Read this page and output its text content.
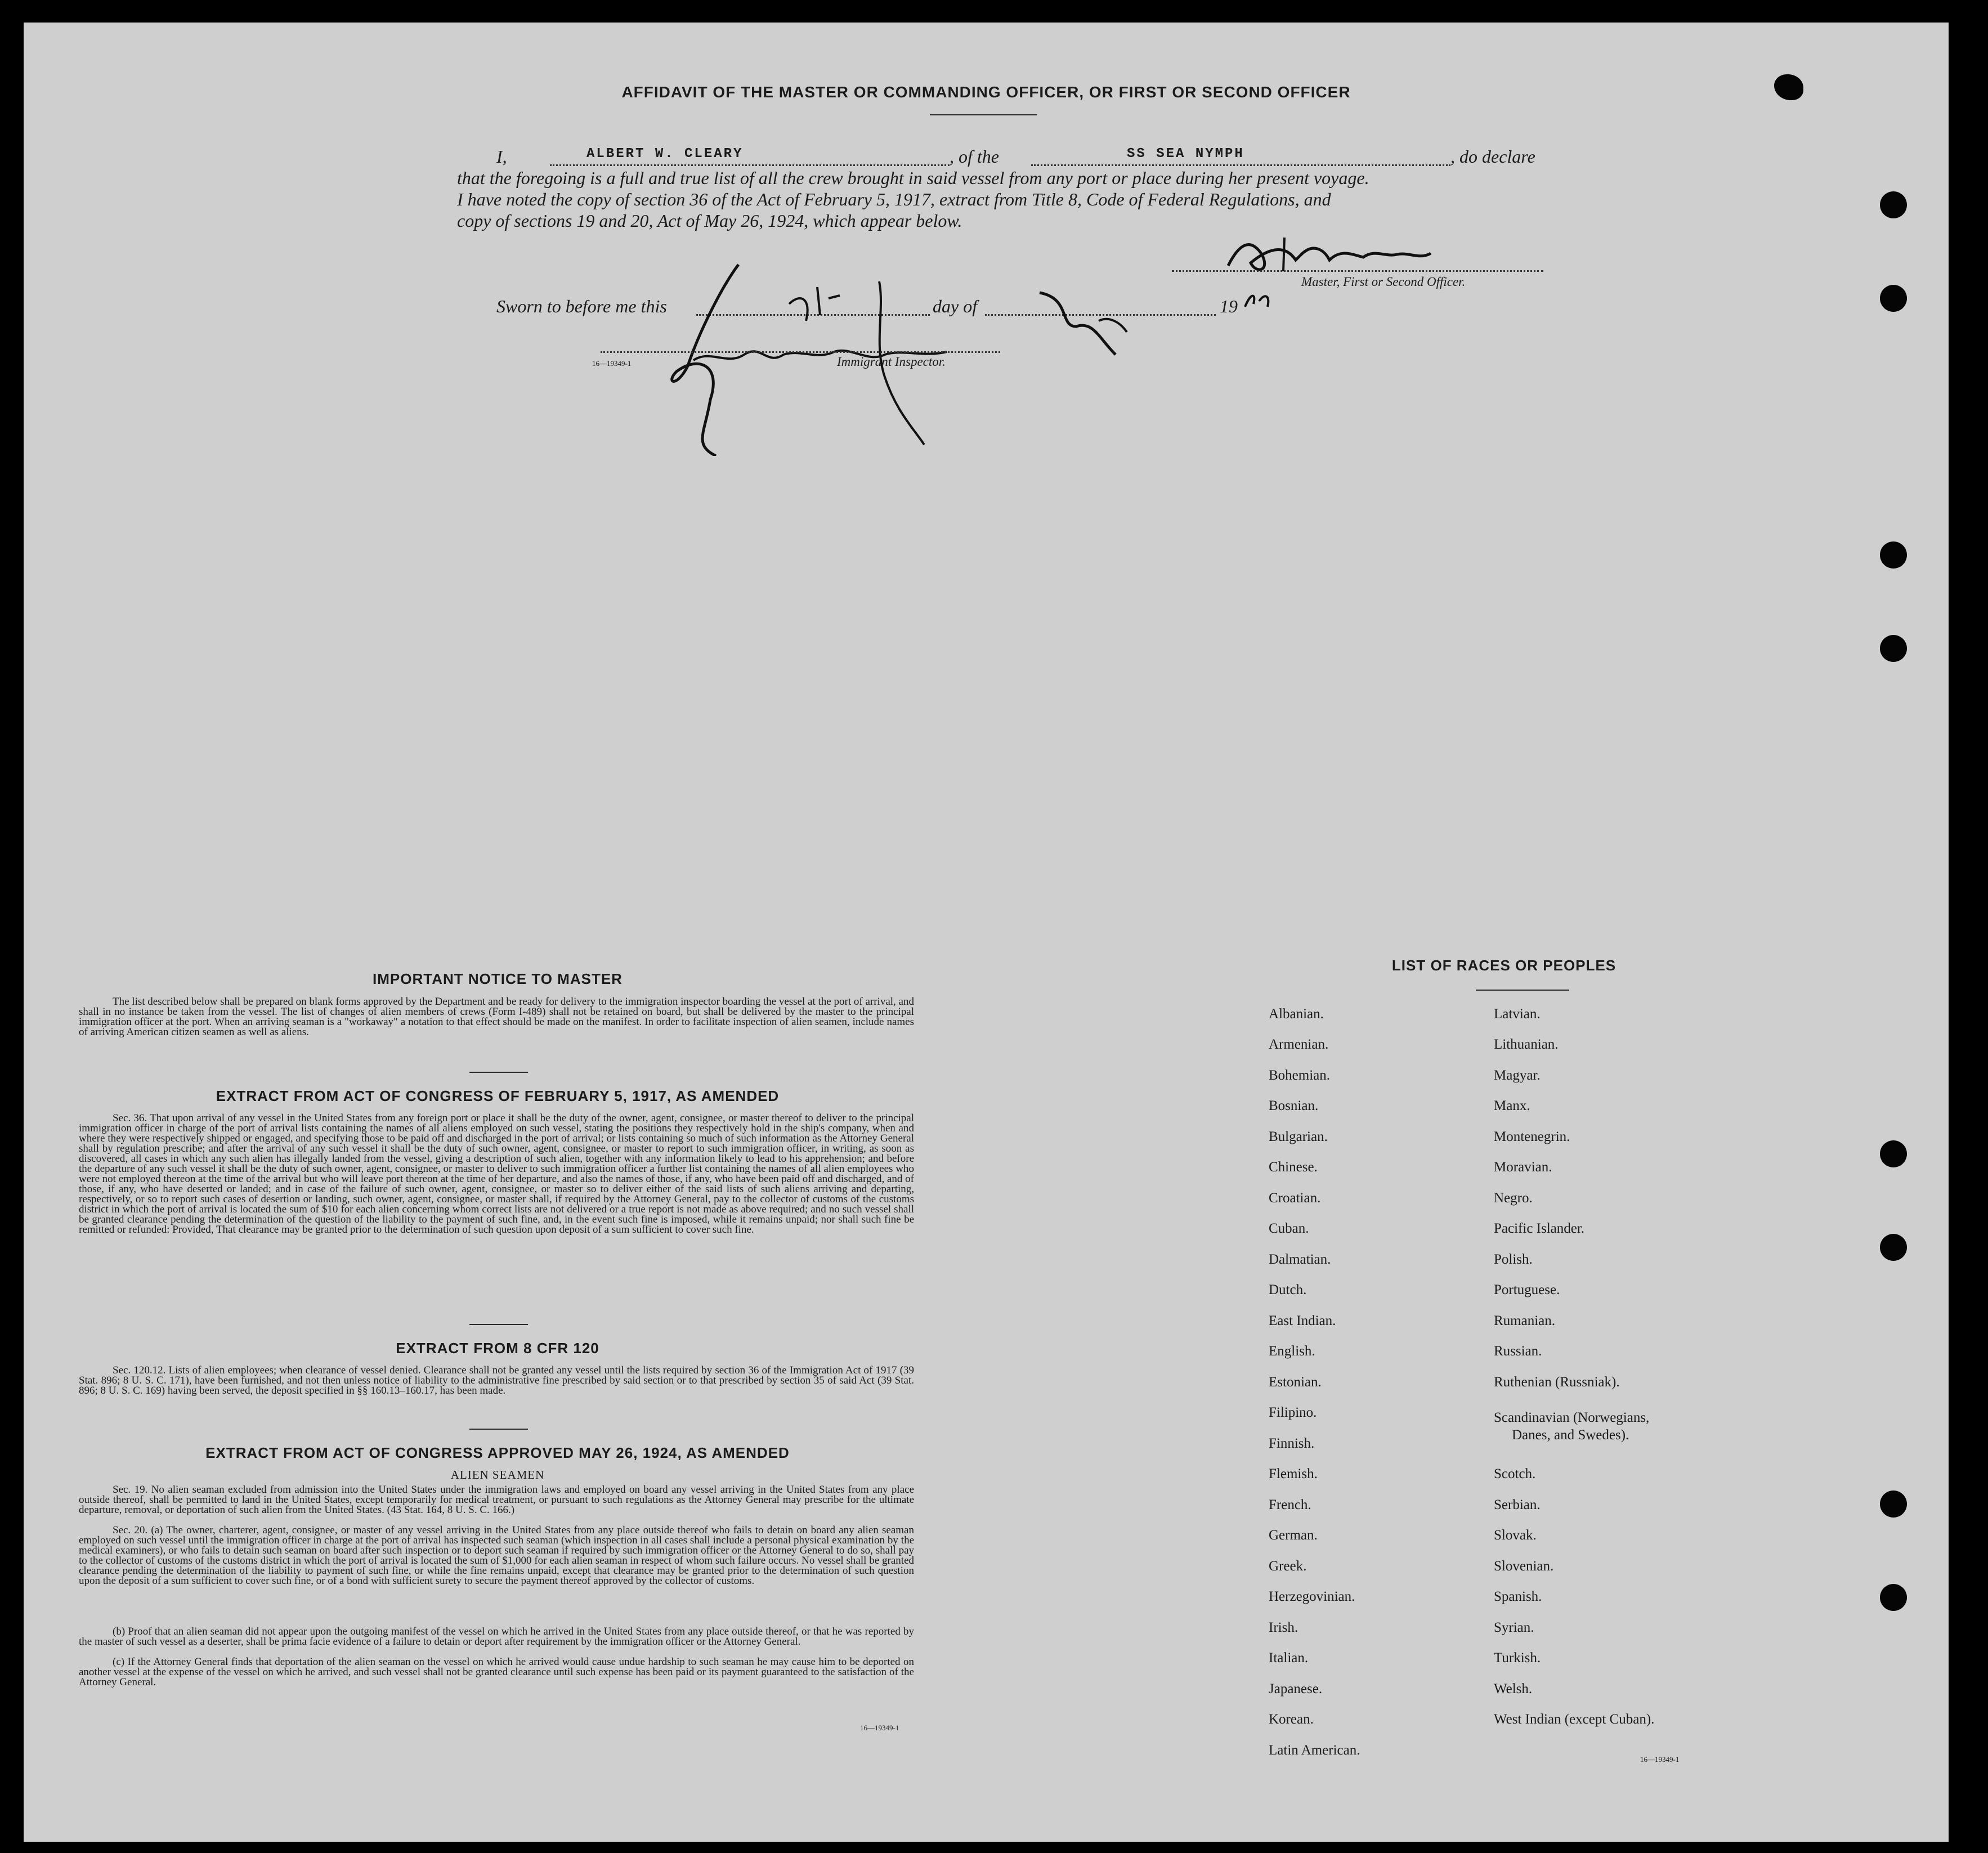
AFFIDAVIT OF THE MASTER OR COMMANDING OFFICER, OR FIRST OR SECOND OFFICER
I,	ALBERT W. CLEARY	, of the	SS SEA NYMPH	, do declare
that the foregoing is a full and true list of all the crew brought in said vessel from any port or place during her present voyage.
I have noted the copy of section 36 of the Act of February 5, 1917, extract from Title 8, Code of Federal Regulations, and
copy of sections 19 and 20, Act of May 26, 1924, which appear below.
Master, First or Second Officer.
Sworn to before me this	day of	19
Immigrant Inspector.
16—19349-1
IMPORTANT NOTICE TO MASTER
The list described below shall be prepared on blank forms approved by the Department and be ready for delivery to the immigration inspector boarding the vessel at the port of arrival, and shall in no instance be taken from the vessel. The list of changes of alien members of crews (Form I-489) shall not be retained on board, but shall be delivered by the master to the principal immigration officer at the port. When an arriving seaman is a "workaway" a notation to that effect should be made on the manifest. In order to facilitate inspection of alien seamen, include names of arriving American citizen seamen as well as aliens.
EXTRACT FROM ACT OF CONGRESS OF FEBRUARY 5, 1917, AS AMENDED
Sec. 36. That upon arrival of any vessel in the United States from any foreign port or place it shall be the duty of the owner, agent, consignee, or master thereof to deliver to the principal immigration officer in charge of the port of arrival lists containing the names of all aliens employed on such vessel, stating the positions they respectively hold in the ship's company, when and where they were respectively shipped or engaged, and specifying those to be paid off and discharged in the port of arrival; or lists containing so much of such information as the Attorney General shall by regulation prescribe; and after the arrival of any such vessel it shall be the duty of such owner, agent, consignee, or master to report to such immigration officer, in writing, as soon as discovered, all cases in which any such alien has illegally landed from the vessel, giving a description of such alien, together with any information likely to lead to his apprehension; and before the departure of any such vessel it shall be the duty of such owner, agent, consignee, or master to deliver to such immigration officer a further list containing the names of all alien employees who were not employed thereon at the time of the arrival but who will leave port thereon at the time of her departure, and also the names of those, if any, who have been paid off and discharged, and of those, if any, who have deserted or landed; and in case of the failure of such owner, agent, consignee, or master so to deliver either of the said lists of such aliens arriving and departing, respectively, or so to report such cases of desertion or landing, such owner, agent, consignee, or master shall, if required by the Attorney General, pay to the collector of customs of the customs district in which the port of arrival is located the sum of $10 for each alien concerning whom correct lists are not delivered or a true report is not made as above required; and no such vessel shall be granted clearance pending the determination of the question of the liability to the payment of such fine, and, in the event such fine is imposed, while it remains unpaid; nor shall such fine be remitted or refunded: Provided, That clearance may be granted prior to the determination of such question upon deposit of a sum sufficient to cover such fine.
EXTRACT FROM 8 CFR 120
Sec. 120.12. Lists of alien employees; when clearance of vessel denied. Clearance shall not be granted any vessel until the lists required by section 36 of the Immigration Act of 1917 (39 Stat. 896; 8 U. S. C. 171), have been furnished, and not then unless notice of liability to the administrative fine prescribed by said section or to that prescribed by section 35 of said Act (39 Stat. 896; 8 U. S. C. 169) having been served, the deposit specified in §§ 160.13–160.17, has been made.
EXTRACT FROM ACT OF CONGRESS APPROVED MAY 26, 1924, AS AMENDED
ALIEN SEAMEN
Sec. 19. No alien seaman excluded from admission into the United States under the immigration laws and employed on board any vessel arriving in the United States from any place outside thereof, shall be permitted to land in the United States, except temporarily for medical treatment, or pursuant to such regulations as the Attorney General may prescribe for the ultimate departure, removal, or deportation of such alien from the United States. (43 Stat. 164, 8 U. S. C. 166.)
Sec. 20. (a) The owner, charterer, agent, consignee, or master of any vessel arriving in the United States from any place outside thereof who fails to detain on board any alien seaman employed on such vessel until the immigration officer in charge at the port of arrival has inspected such seaman (which inspection in all cases shall include a personal physical examination by the medical examiners), or who fails to detain such seaman on board after such inspection or to deport such seaman if required by such immigration officer or the Attorney General to do so, shall pay to the collector of customs of the customs district in which the port of arrival is located the sum of $1,000 for each alien seaman in respect of whom such failure occurs. No vessel shall be granted clearance pending the determination of the liability to payment of such fine, or while the fine remains unpaid, except that clearance may be granted prior to the determination of such question upon the deposit of a sum sufficient to cover such fine, or of a bond with sufficient surety to secure the payment thereof approved by the collector of customs.
(b) Proof that an alien seaman did not appear upon the outgoing manifest of the vessel on which he arrived in the United States from any place outside thereof, or that he was reported by the master of such vessel as a deserter, shall be prima facie evidence of a failure to detain or deport after requirement by the immigration officer or the Attorney General.
(c) If the Attorney General finds that deportation of the alien seaman on the vessel on which he arrived would cause undue hardship to such seaman he may cause him to be deported on another vessel at the expense of the vessel on which he arrived, and such vessel shall not be granted clearance until such expense has been paid or its payment guaranteed to the satisfaction of the Attorney General.
16—19349-1
LIST OF RACES OR PEOPLES
Albanian.
Armenian.
Bohemian.
Bosnian.
Bulgarian.
Chinese.
Croatian.
Cuban.
Dalmatian.
Dutch.
East Indian.
English.
Estonian.
Filipino.
Finnish.
Flemish.
French.
German.
Greek.
Herzegovinian.
Irish.
Italian.
Japanese.
Korean.
Latin American.
Latvian.
Lithuanian.
Magyar.
Manx.
Montenegrin.
Moravian.
Negro.
Pacific Islander.
Polish.
Portuguese.
Rumanian.
Russian.
Ruthenian (Russniak).
Scandinavian (Norwegians,
Danes, and Swedes).
Scotch.
Serbian.
Slovak.
Slovenian.
Spanish.
Syrian.
Turkish.
Welsh.
West Indian (except Cuban).
16—19349-1
